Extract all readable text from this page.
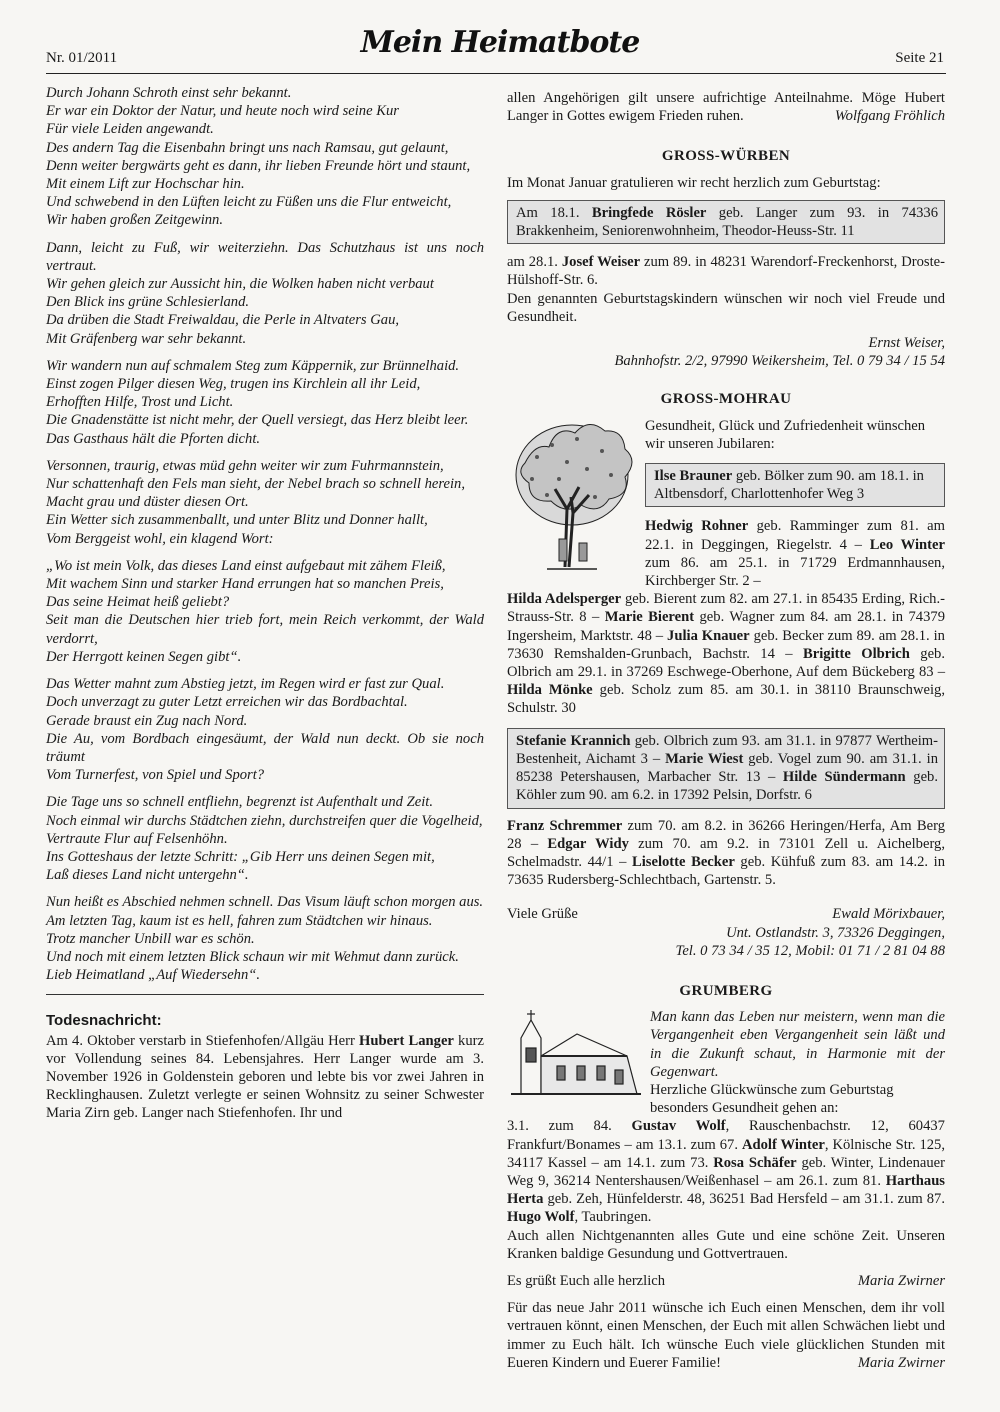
Nr. 01/2011	Mein Heimatbote	Seite 21

Durch Johann Schroth einst sehr bekannt.

Er war ein Doktor der Natur, und heute noch wird seine Kur

Für viele Leiden angewandt.

Des andern Tag die Eisenbahn bringt uns nach Ramsau, gut gelaunt,

Denn weiter bergwärts geht es dann, ihr lieben Freunde hört und staunt,

Mit einem Lift zur Hochschar hin.

Und schwebend in den Lüften leicht zu Füßen uns die Flur entweicht,

Wir haben großen Zeitgewinn.

Dann, leicht zu Fuß, wir weiterziehn. Das Schutzhaus ist uns noch vertraut.

Wir gehen gleich zur Aussicht hin, die Wolken haben nicht verbaut

Den Blick ins grüne Schlesierland.

Da drüben die Stadt Freiwaldau, die Perle in Altvaters Gau,

Mit Gräfenberg war sehr bekannt.

Wir wandern nun auf schmalem Steg zum Käppernik, zur Brünnelhaid.

Einst zogen Pilger diesen Weg, trugen ins Kirchlein all ihr Leid,

Erhofften Hilfe, Trost und Licht.

Die Gnadenstätte ist nicht mehr, der Quell versiegt, das Herz bleibt leer.

Das Gasthaus hält die Pforten dicht.

Versonnen, traurig, etwas müd gehn weiter wir zum Fuhrmannstein,

Nur schattenhaft den Fels man sieht, der Nebel brach so schnell herein,

Macht grau und düster diesen Ort.

Ein Wetter sich zusammenballt, und unter Blitz und Donner hallt,

Vom Berggeist wohl, ein klagend Wort:

„Wo ist mein Volk, das dieses Land einst aufgebaut mit zähem Fleiß,

Mit wachem Sinn und starker Hand errungen hat so manchen Preis,

Das seine Heimat heiß geliebt?

Seit man die Deutschen hier trieb fort, mein Reich verkommt, der Wald verdorrt,

Der Herrgott keinen Segen gibt“.

Das Wetter mahnt zum Abstieg jetzt, im Regen wird er fast zur Qual.

Doch unverzagt zu guter Letzt erreichen wir das Bordbachtal.

Gerade braust ein Zug nach Nord.

Die Au, vom Bordbach eingesäumt, der Wald nun deckt. Ob sie noch träumt

Vom Turnerfest, von Spiel und Sport?

Die Tage uns so schnell entfliehn, begrenzt ist Aufenthalt und Zeit.

Noch einmal wir durchs Städtchen ziehn, durchstreifen quer die Vogelheid,

Vertraute Flur auf Felsenhöhn.

Ins Gotteshaus der letzte Schritt: „Gib Herr uns deinen Segen mit,

Laß dieses Land nicht untergehn“.

Nun heißt es Abschied nehmen schnell. Das Visum läuft schon morgen aus.

Am letzten Tag, kaum ist es hell, fahren zum Städtchen wir hinaus.

Trotz mancher Unbill war es schön.

Und noch mit einem letzten Blick schaun wir mit Wehmut dann zurück.

Lieb Heimatland „Auf Wiedersehn“.

Todesnachricht:

Am 4. Oktober verstarb in Stiefenhofen/Allgäu Herr Hubert Langer kurz vor Vollendung seines 84. Lebensjahres. Herr Langer wurde am 3. November 1926 in Goldenstein geboren und lebte bis vor zwei Jahren in Recklinghausen. Zuletzt verlegte er seinen Wohnsitz zu seiner Schwester Maria Zirn geb. Langer nach Stiefenhofen. Ihr und

allen Angehörigen gilt unsere aufrichtige Anteilnahme. Möge Hubert Langer in Gottes ewigem Frieden ruhen.	Wolfgang Fröhlich

GROSS-WÜRBEN

Im Monat Januar gratulieren wir recht herzlich zum Geburtstag:

Am 18.1. Bringfede Rösler geb. Langer zum 93. in 74336 Brakkenheim, Seniorenwohnheim, Theodor-Heuss-Str. 11

am 28.1. Josef Weiser zum 89. in 48231 Warendorf-Freckenhorst, Droste-Hülshoff-Str. 6.

Den genannten Geburtstagskindern wünschen wir noch viel Freude und Gesundheit.

Ernst Weiser,

Bahnhofstr. 2/2, 97990 Weikersheim, Tel. 0 79 34 / 15 54

GROSS-MOHRAU

Gesundheit, Glück und Zufriedenheit wünschen wir unseren Jubilaren:

Ilse Brauner geb. Bölker zum 90. am 18.1. in Altbensdorf, Charlottenhofer Weg 3

Hedwig Rohner geb. Ramminger zum 81. am 22.1. in Deggingen, Riegelstr. 4 – Leo Winter zum 86. am 25.1. in 71729 Erdmannhausen, Kirchberger Str. 2 –

Hilda Adelsperger geb. Bierent zum 82. am 27.1. in 85435 Erding, Rich.-Strauss-Str. 8 – Marie Bierent geb. Wagner zum 84. am 28.1. in 74379 Ingersheim, Marktstr. 48 – Julia Knauer geb. Becker zum 89. am 28.1. in 73630 Remshalden-Grunbach, Bachstr. 14 – Brigitte Olbrich geb. Olbrich am 29.1. in 37269 Eschwege-Oberhone, Auf dem Bückeberg 83 – Hilda Mönke geb. Scholz zum 85. am 30.1. in 38110 Braunschweig, Schulstr. 30

Stefanie Krannich geb. Olbrich zum 93. am 31.1. in 97877 Wertheim-Bestenheit, Aichamt 3 – Marie Wiest geb. Vogel zum 90. am 31.1. in 85238 Petershausen, Marbacher Str. 13 – Hilde Sündermann geb. Köhler zum 90. am 6.2. in 17392 Pelsin, Dorfstr. 6

Franz Schremmer zum 70. am 8.2. in 36266 Heringen/Herfa, Am Berg 28 – Edgar Widy zum 70. am 9.2. in 73101 Zell u. Aichelberg, Schelmadstr. 44/1 – Liselotte Becker geb. Kühfuß zum 83. am 14.2. in 73635 Rudersberg-Schlechtbach, Gartenstr. 5.

Viele Grüße	Ewald Mörixbauer,

Unt. Ostlandstr. 3, 73326 Deggingen,

Tel. 0 73 34 / 35 12, Mobil: 01 71 / 2 81 04 88

GRUMBERG

Man kann das Leben nur meistern, wenn man die Vergangenheit eben Vergangenheit sein läßt und in die Zukunft schaut, in Harmonie mit der Gegenwart.

Herzliche Glückwünsche zum Geburtstag besonders Gesundheit gehen an:

3.1. zum 84. Gustav Wolf, Rauschenbachstr. 12, 60437 Frankfurt/Bonames – am 13.1. zum 67. Adolf Winter, Kölnische Str. 125, 34117 Kassel – am 14.1. zum 73. Rosa Schäfer geb. Winter, Lindenauer Weg 9, 36214 Nentershausen/Weißenhasel – am 26.1. zum 81. Harthaus Herta geb. Zeh, Hünfelderstr. 48, 36251 Bad Hersfeld – am 31.1. zum 87. Hugo Wolf, Taubringen.

Auch allen Nichtgenannten alles Gute und eine schöne Zeit. Unseren Kranken baldige Gesundung und Gottvertrauen.

Es grüßt Euch alle herzlich	Maria Zwirner

Für das neue Jahr 2011 wünsche ich Euch einen Menschen, dem ihr voll vertrauen könnt, einen Menschen, der Euch mit allen Schwächen liebt und immer zu Euch hält. Ich wünsche Euch viele glücklichen Stunden mit Eueren Kindern und Euerer Familie!	Maria Zwirner
